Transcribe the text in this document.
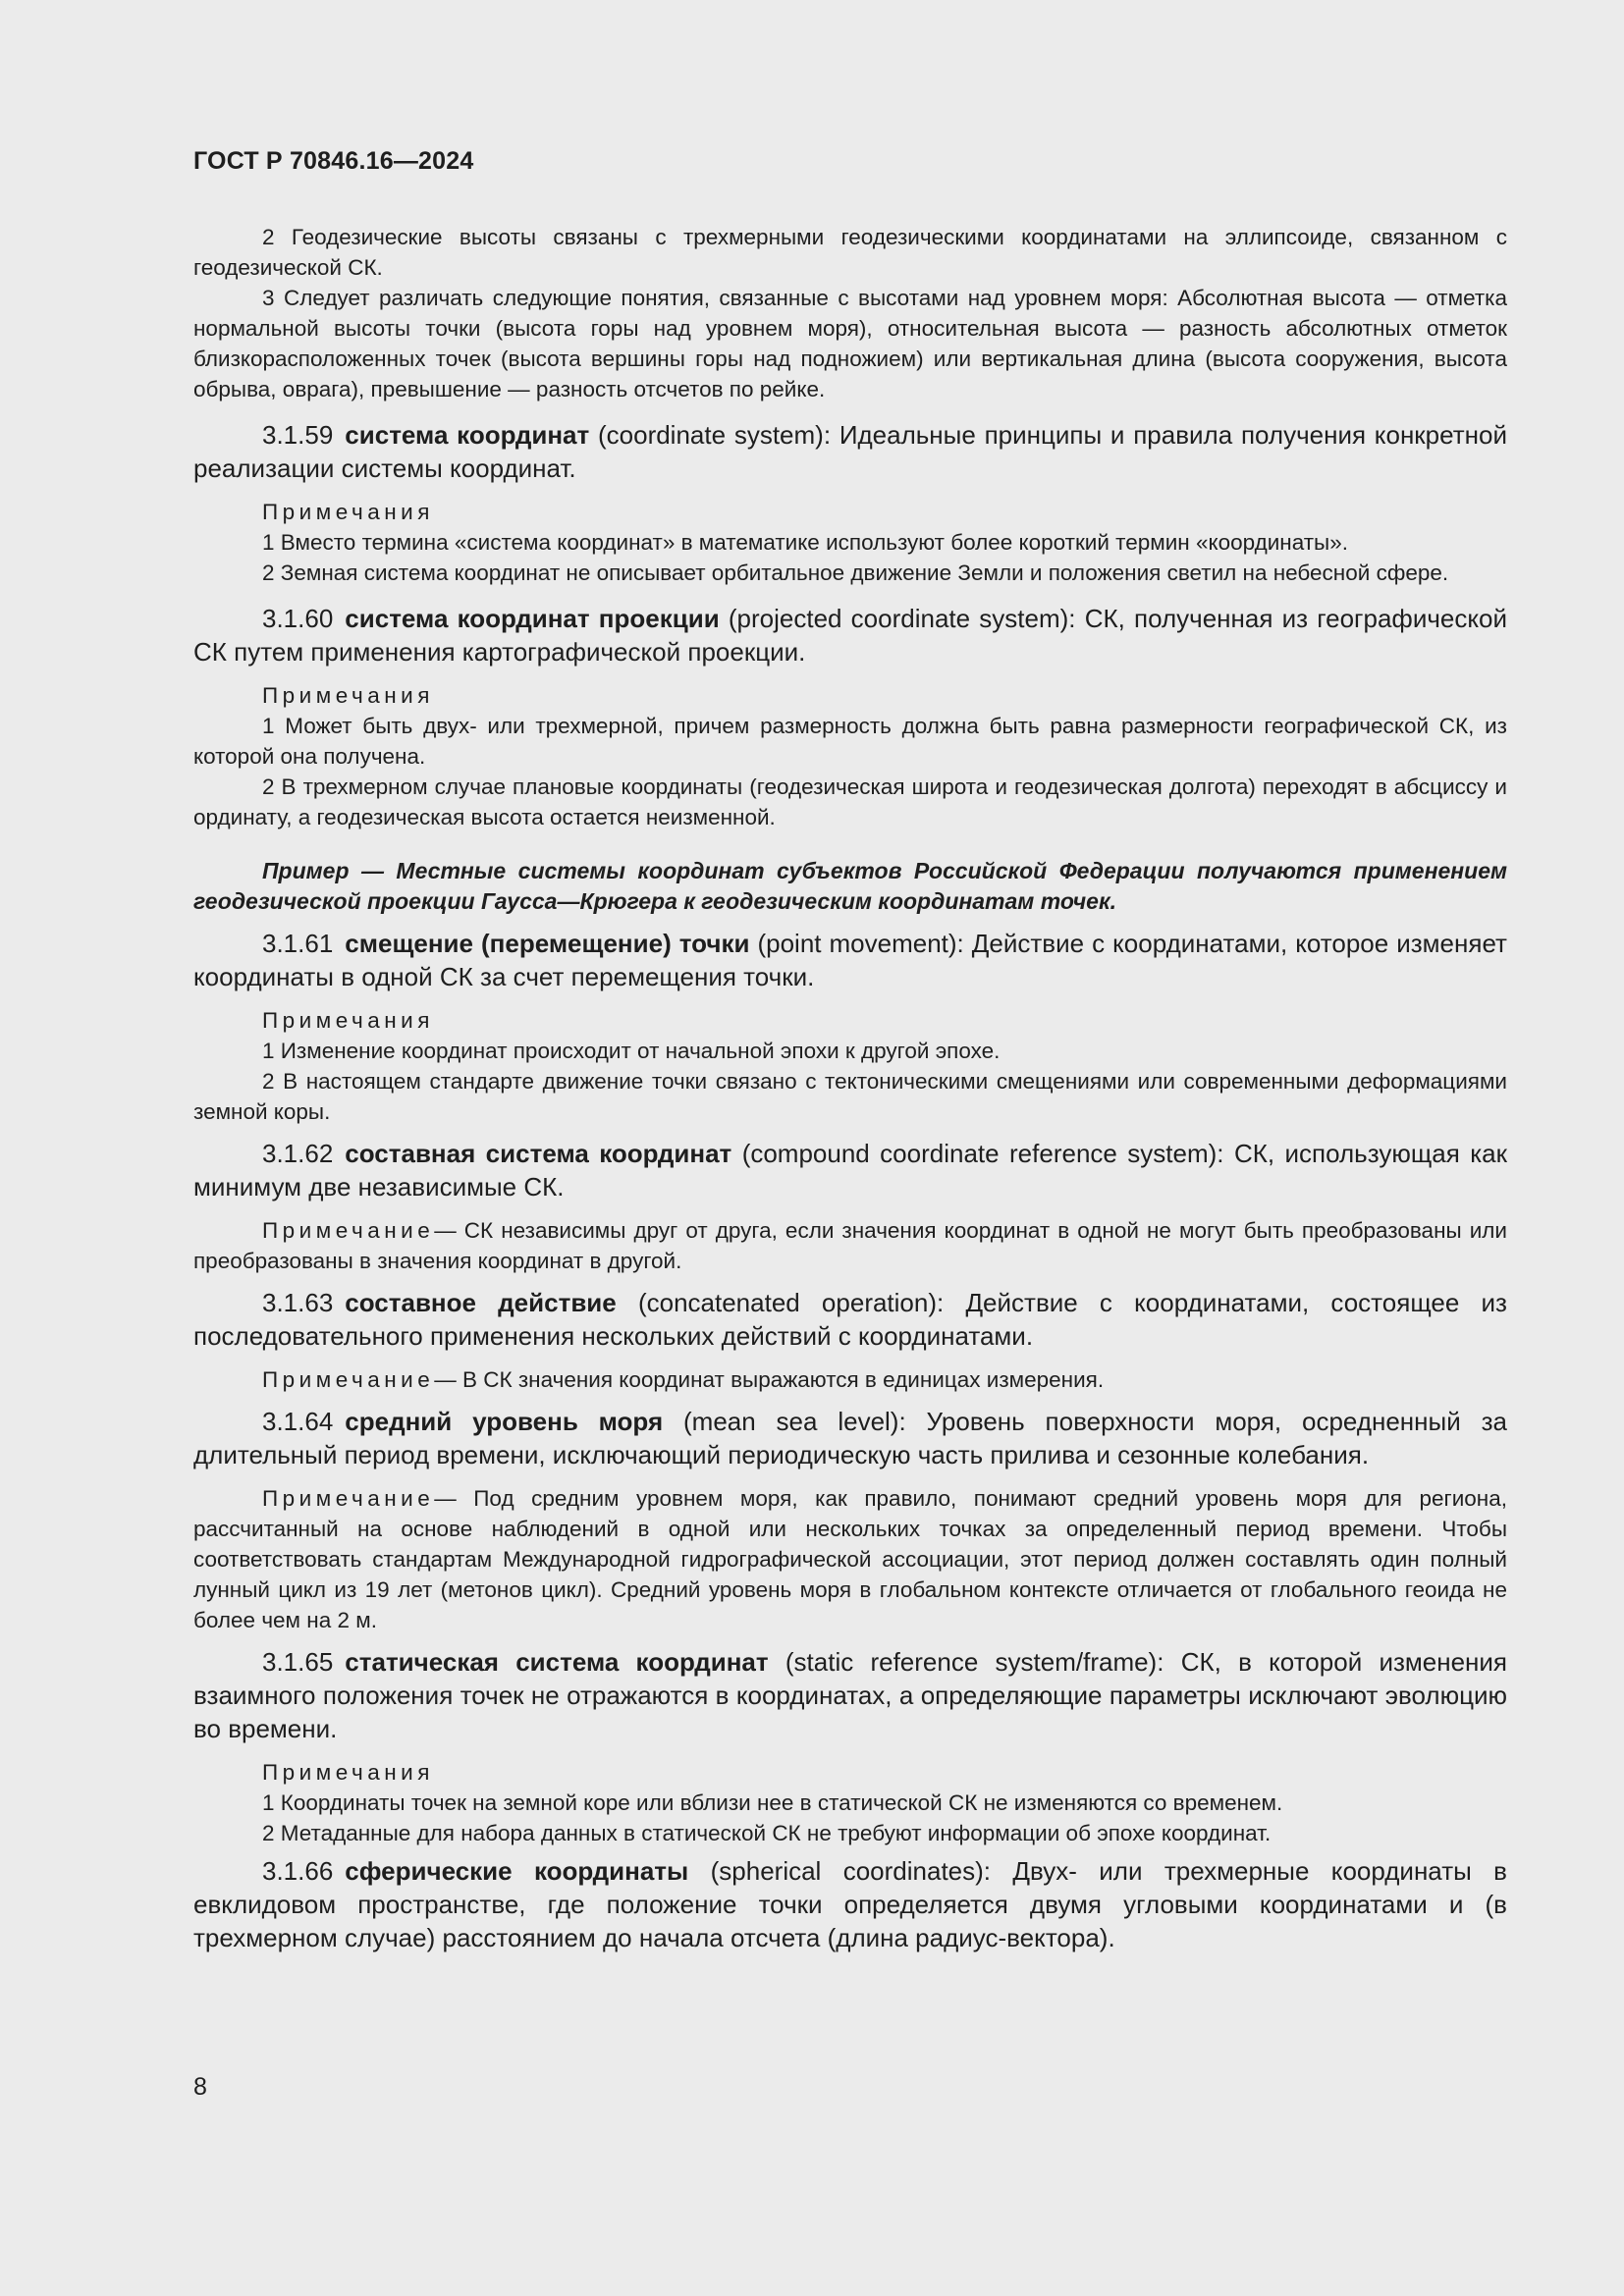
ГОСТ Р 70846.16—2024

2 Геодезические высоты связаны с трехмерными геодезическими координатами на эллипсоиде, связанном с геодезической СК.

3 Следует различать следующие понятия, связанные с высотами над уровнем моря: Абсолютная высота — отметка нормальной высоты точки (высота горы над уровнем моря), относительная высота — разность абсолютных отметок близкорасположенных точек (высота вершины горы над подножием) или вертикальная длина (высота сооружения, высота обрыва, оврага), превышение — разность отсчетов по рейке.

3.1.59 система координат (coordinate system): Идеальные принципы и правила получения конкретной реализации системы координат.

Примечания

1 Вместо термина «система координат» в математике используют более короткий термин «координаты».

2 Земная система координат не описывает орбитальное движение Земли и положения светил на небесной сфере.

3.1.60 система координат проекции (projected coordinate system): СК, полученная из географической СК путем применения картографической проекции.

Примечания

1 Может быть двух- или трехмерной, причем размерность должна быть равна размерности географической СК, из которой она получена.

2 В трехмерном случае плановые координаты (геодезическая широта и геодезическая долгота) переходят в абсциссу и ординату, а геодезическая высота остается неизменной.

Пример — Местные системы координат субъектов Российской Федерации получаются применением геодезической проекции Гаусса—Крюгера к геодезическим координатам точек.

3.1.61 смещение (перемещение) точки (point movement): Действие с координатами, которое изменяет координаты в одной СК за счет перемещения точки.

Примечания

1 Изменение координат происходит от начальной эпохи к другой эпохе.

2 В настоящем стандарте движение точки связано с тектоническими смещениями или современными деформациями земной коры.

3.1.62 составная система координат (compound coordinate reference system): СК, использующая как минимум две независимые СК.

Примечание— СК независимы друг от друга, если значения координат в одной не могут быть преобразованы или преобразованы в значения координат в другой.

3.1.63 составное действие (concatenated operation): Действие с координатами, состоящее из последовательного применения нескольких действий с координатами.

Примечание— В СК значения координат выражаются в единицах измерения.

3.1.64 средний уровень моря (mean sea level): Уровень поверхности моря, осредненный за длительный период времени, исключающий периодическую часть прилива и сезонные колебания.

Примечание— Под средним уровнем моря, как правило, понимают средний уровень моря для региона, рассчитанный на основе наблюдений в одной или нескольких точках за определенный период времени. Чтобы соответствовать стандартам Международной гидрографической ассоциации, этот период должен составлять один полный лунный цикл из 19 лет (метонов цикл). Средний уровень моря в глобальном контексте отличается от глобального геоида не более чем на 2 м.

3.1.65 статическая система координат (static reference system/frame): СК, в которой изменения взаимного положения точек не отражаются в координатах, а определяющие параметры исключают эволюцию во времени.

Примечания

1 Координаты точек на земной коре или вблизи нее в статической СК не изменяются со временем.

2 Метаданные для набора данных в статической СК не требуют информации об эпохе координат.

3.1.66 сферические координаты (spherical coordinates): Двух- или трехмерные координаты в евклидовом пространстве, где положение точки определяется двумя угловыми координатами и (в трехмерном случае) расстоянием до начала отсчета (длина радиус-вектора).

8
